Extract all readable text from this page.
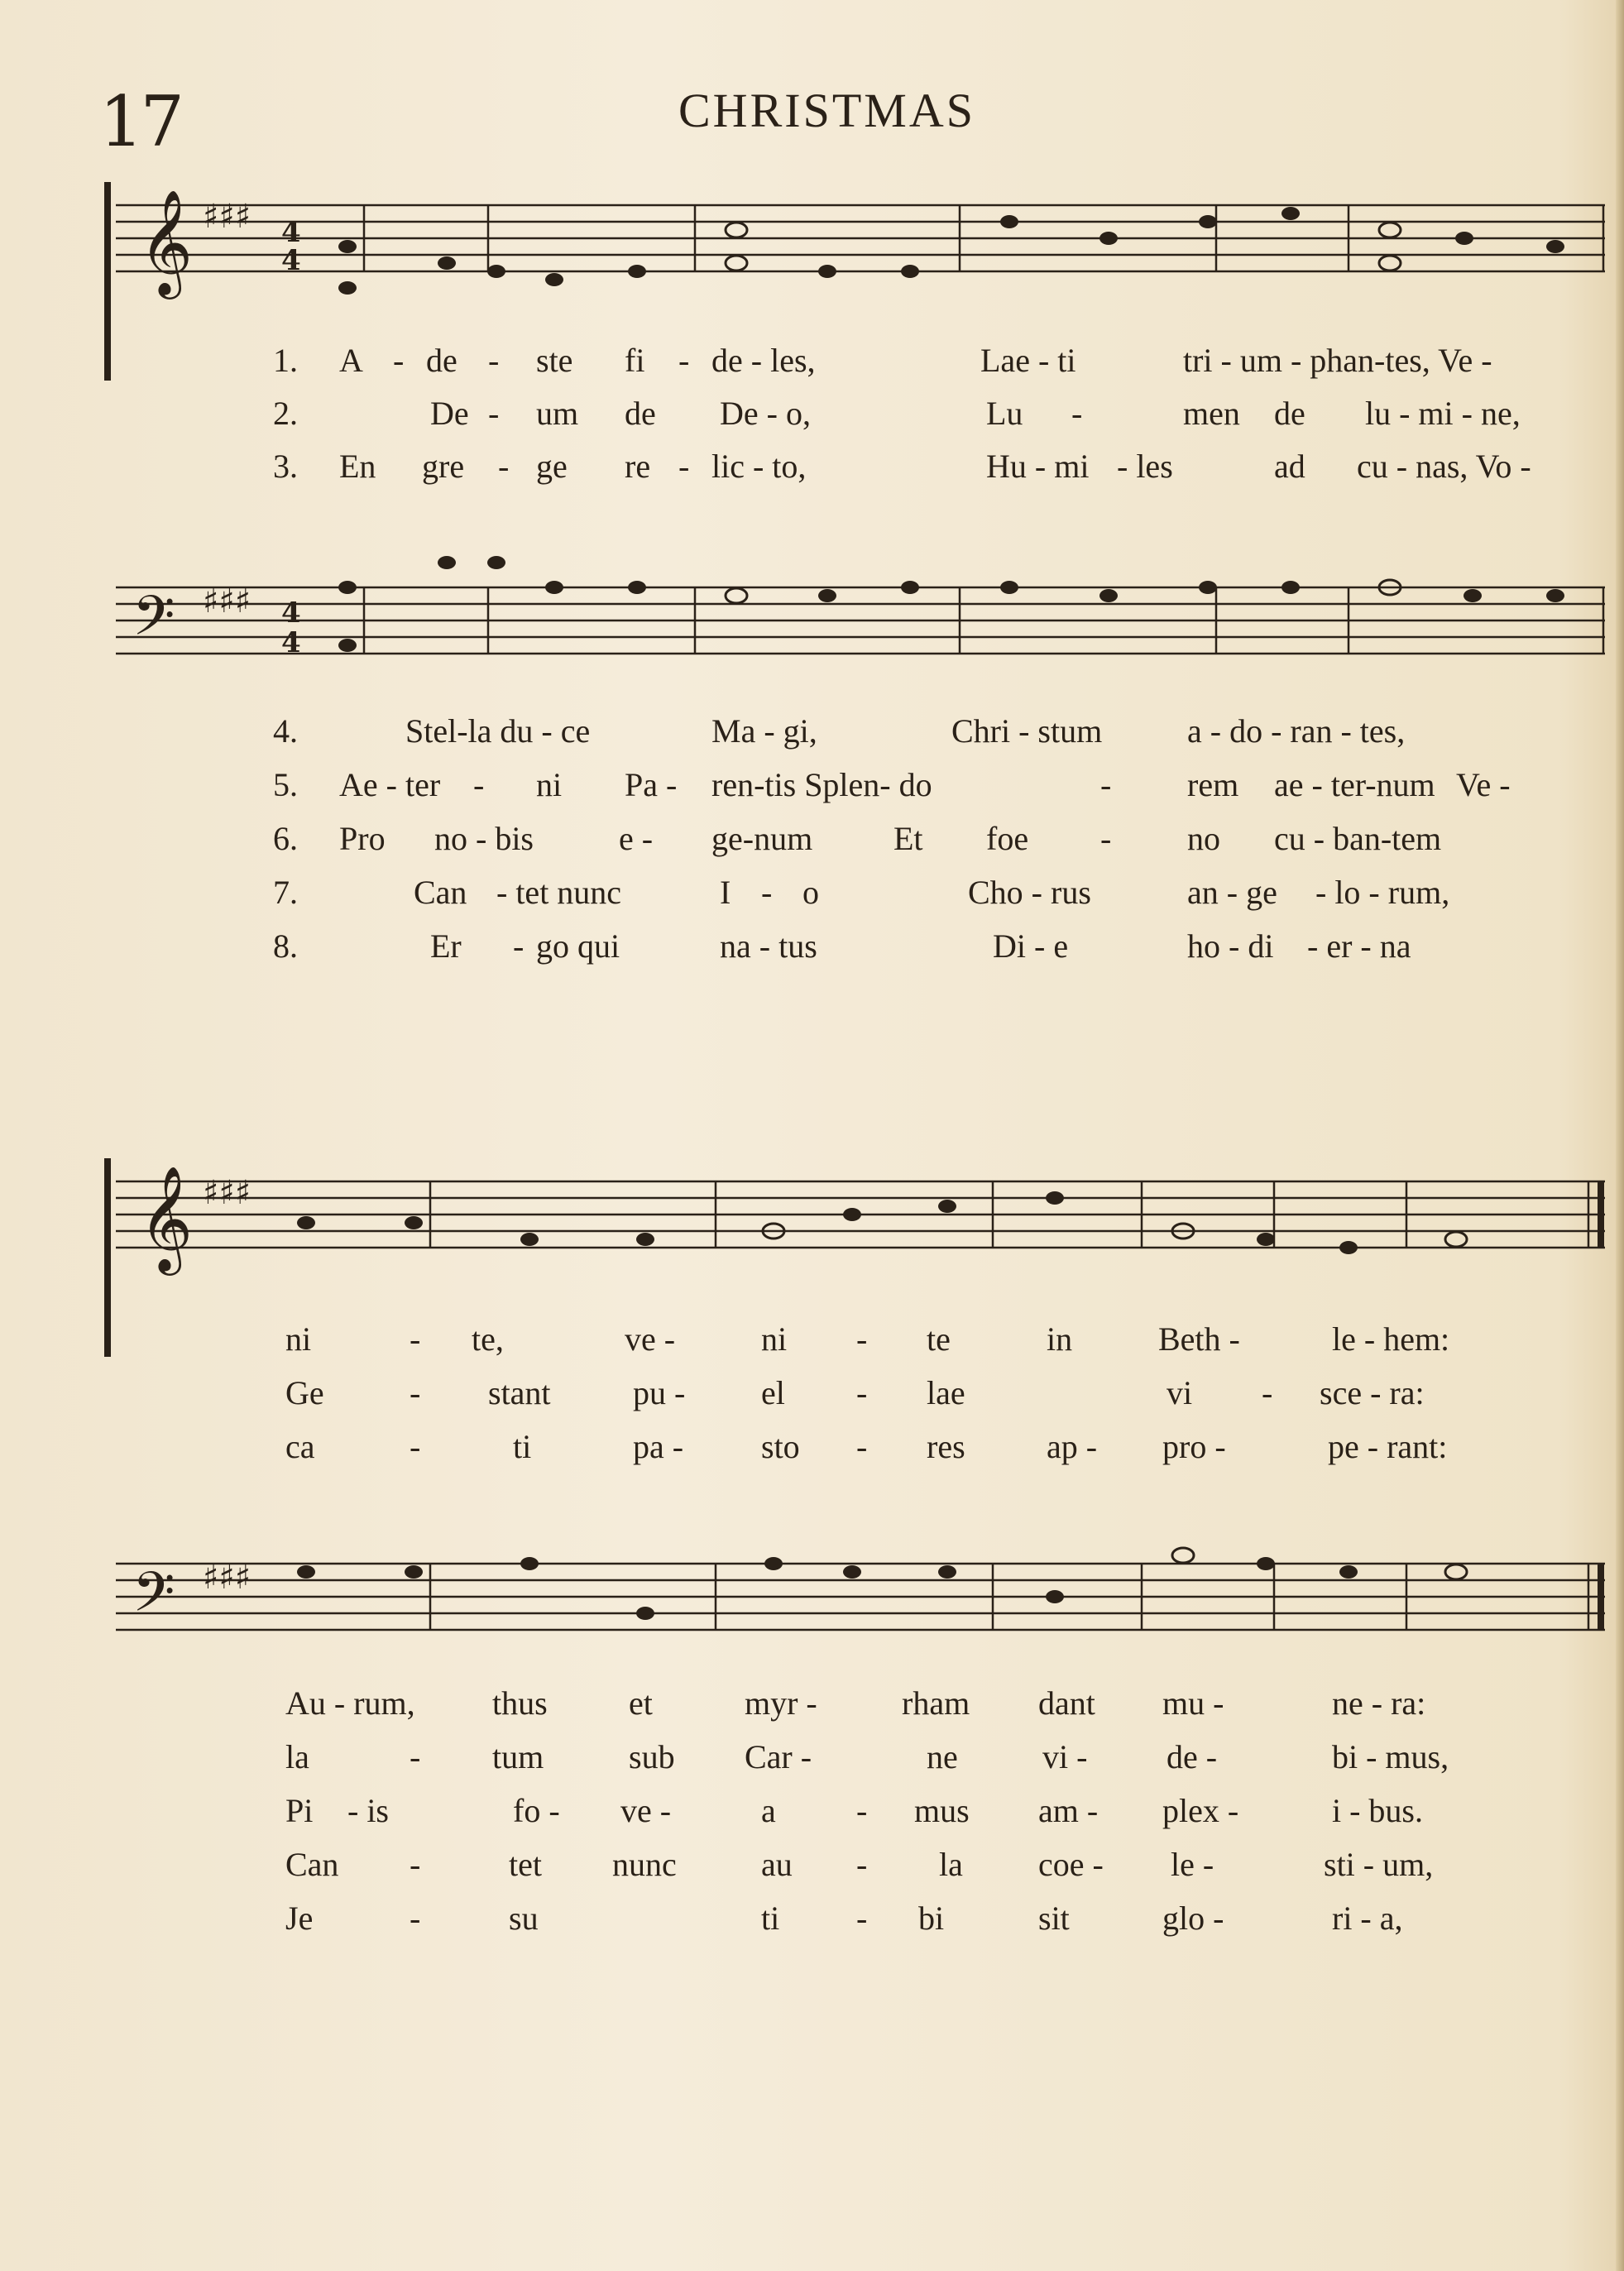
17	CHRISTMAS
𝄞 ♯♯♯ 4
4
1. A - de - ste fi - de - les,	Lae - ti	tri - um - phan-tes, Ve -
2.	De - um de De - o,	Lu -	men de lu - mi - ne,
3. En gre - ge re - lic - to,	Hu - mi - les	ad cu - nas, Vo -
𝄢 ♯♯♯ 4
4
4.	Stel-la du - ce	Ma - gi,	Chri - stum	a - do - ran - tes,
5. Ae - ter - ni Pa - ren-tis Splen- do	- rem ae - ter-num Ve -
6. Pro no - bis	e - ge-num Et foe - no cu - ban-tem
7.	Can - tet nunc	I - o	Cho - rus	an - ge - lo - rum,
8.	Er - go qui	na - tus	Di - e	ho - di - er - na
𝄞 ♯♯♯
ni	- te,	ve -	ni - te	in	Beth -	le - hem:
Ge	- stant pu - el - lae	vi - sce - ra:
ca	-	ti	pa - sto - res ap - pro -	pe - rant:
𝄢 ♯♯♯
Au - rum, thus et	myr -	rham dant mu -	ne - ra:
la	- tum	sub Car -	ne	vi - de -	bi - mus,
Pi - is	fo - ve -	a - mus am - plex -	i - bus.
Can -	tet nunc	au - la coe - le -	sti - um,
Je	-	su	ti - bi	sit	glo -	ri - a,
